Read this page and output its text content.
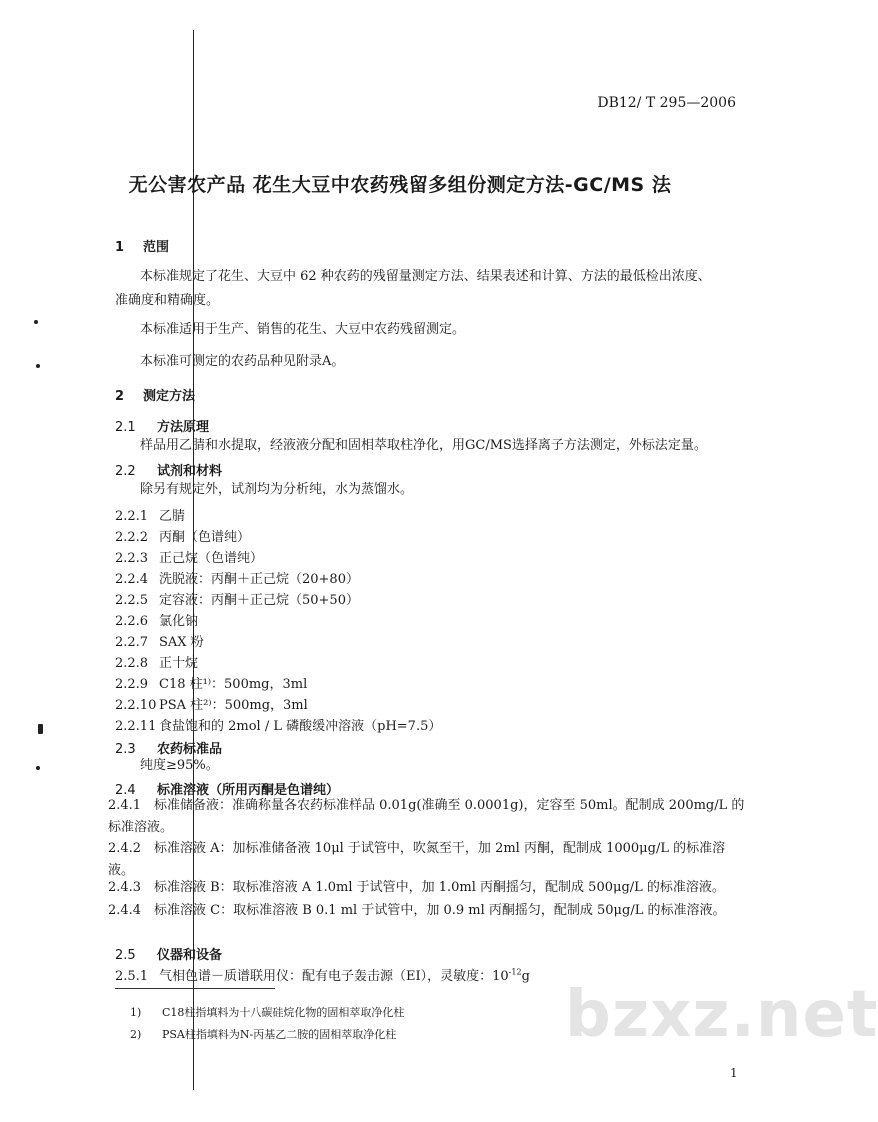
DB12/ T 295—2006
无公害农产品 花生大豆中农药残留多组份测定方法-GC/MS 法
1 范围
本标准规定了花生、大豆中 62 种农药的残留量测定方法、结果表述和计算、方法的最低检出浓度、
准确度和精确度。
本标准适用于生产、销售的花生、大豆中农药残留测定。
本标准可测定的农药品种见附录A。
2 测定方法
2.1 方法原理
样品用乙腈和水提取，经液液分配和固相萃取柱净化，用GC/MS选择离子方法测定，外标法定量。
2.2 试剂和材料
除另有规定外，试剂均为分析纯，水为蒸馏水。
2.2.1 乙腈
2.2.2 丙酮（色谱纯）
2.2.3 正己烷（色谱纯）
2.2.4 洗脱液：丙酮＋正己烷（20+80）
2.2.5 定容液：丙酮＋正己烷（50+50）
2.2.6 氯化钠
2.2.7 SAX 粉
2.2.8 正十烷
2.2.9 C18 柱¹⁾：500mg，3ml
2.2.10 PSA 柱²⁾：500mg，3ml
2.2.11 食盐饱和的 2mol / L 磷酸缓冲溶液（pH=7.5）
2.3 农药标准品
纯度≥95%。
2.4 标准溶液（所用丙酮是色谱纯）
2.4.1 标准储备液：准确称量各农药标准样品 0.01g(准确至 0.0001g)，定容至 50ml。配制成 200mg/L 的标准溶液。
2.4.2 标准溶液 A：加标准储备液 10μl 于试管中，吹氮至干，加 2ml 丙酮，配制成 1000μg/L 的标准溶液。
2.4.3 标准溶液 B：取标准溶液 A 1.0ml 于试管中，加 1.0ml 丙酮摇匀，配制成 500μg/L 的标准溶液。
2.4.4 标准溶液 C：取标准溶液 B 0.1 ml 于试管中，加 0.9 ml 丙酮摇匀，配制成 50μg/L 的标准溶液。
2.5 仪器和设备
2.5.1 气相色谱－质谱联用仪：配有电子轰击源（EI），灵敏度：$10^{-12}g$
bzxz.net
1) C18柱指填料为十八碳硅烷化物的固相萃取净化柱
2) PSA柱指填料为N-丙基乙二胺的固相萃取净化柱
1
